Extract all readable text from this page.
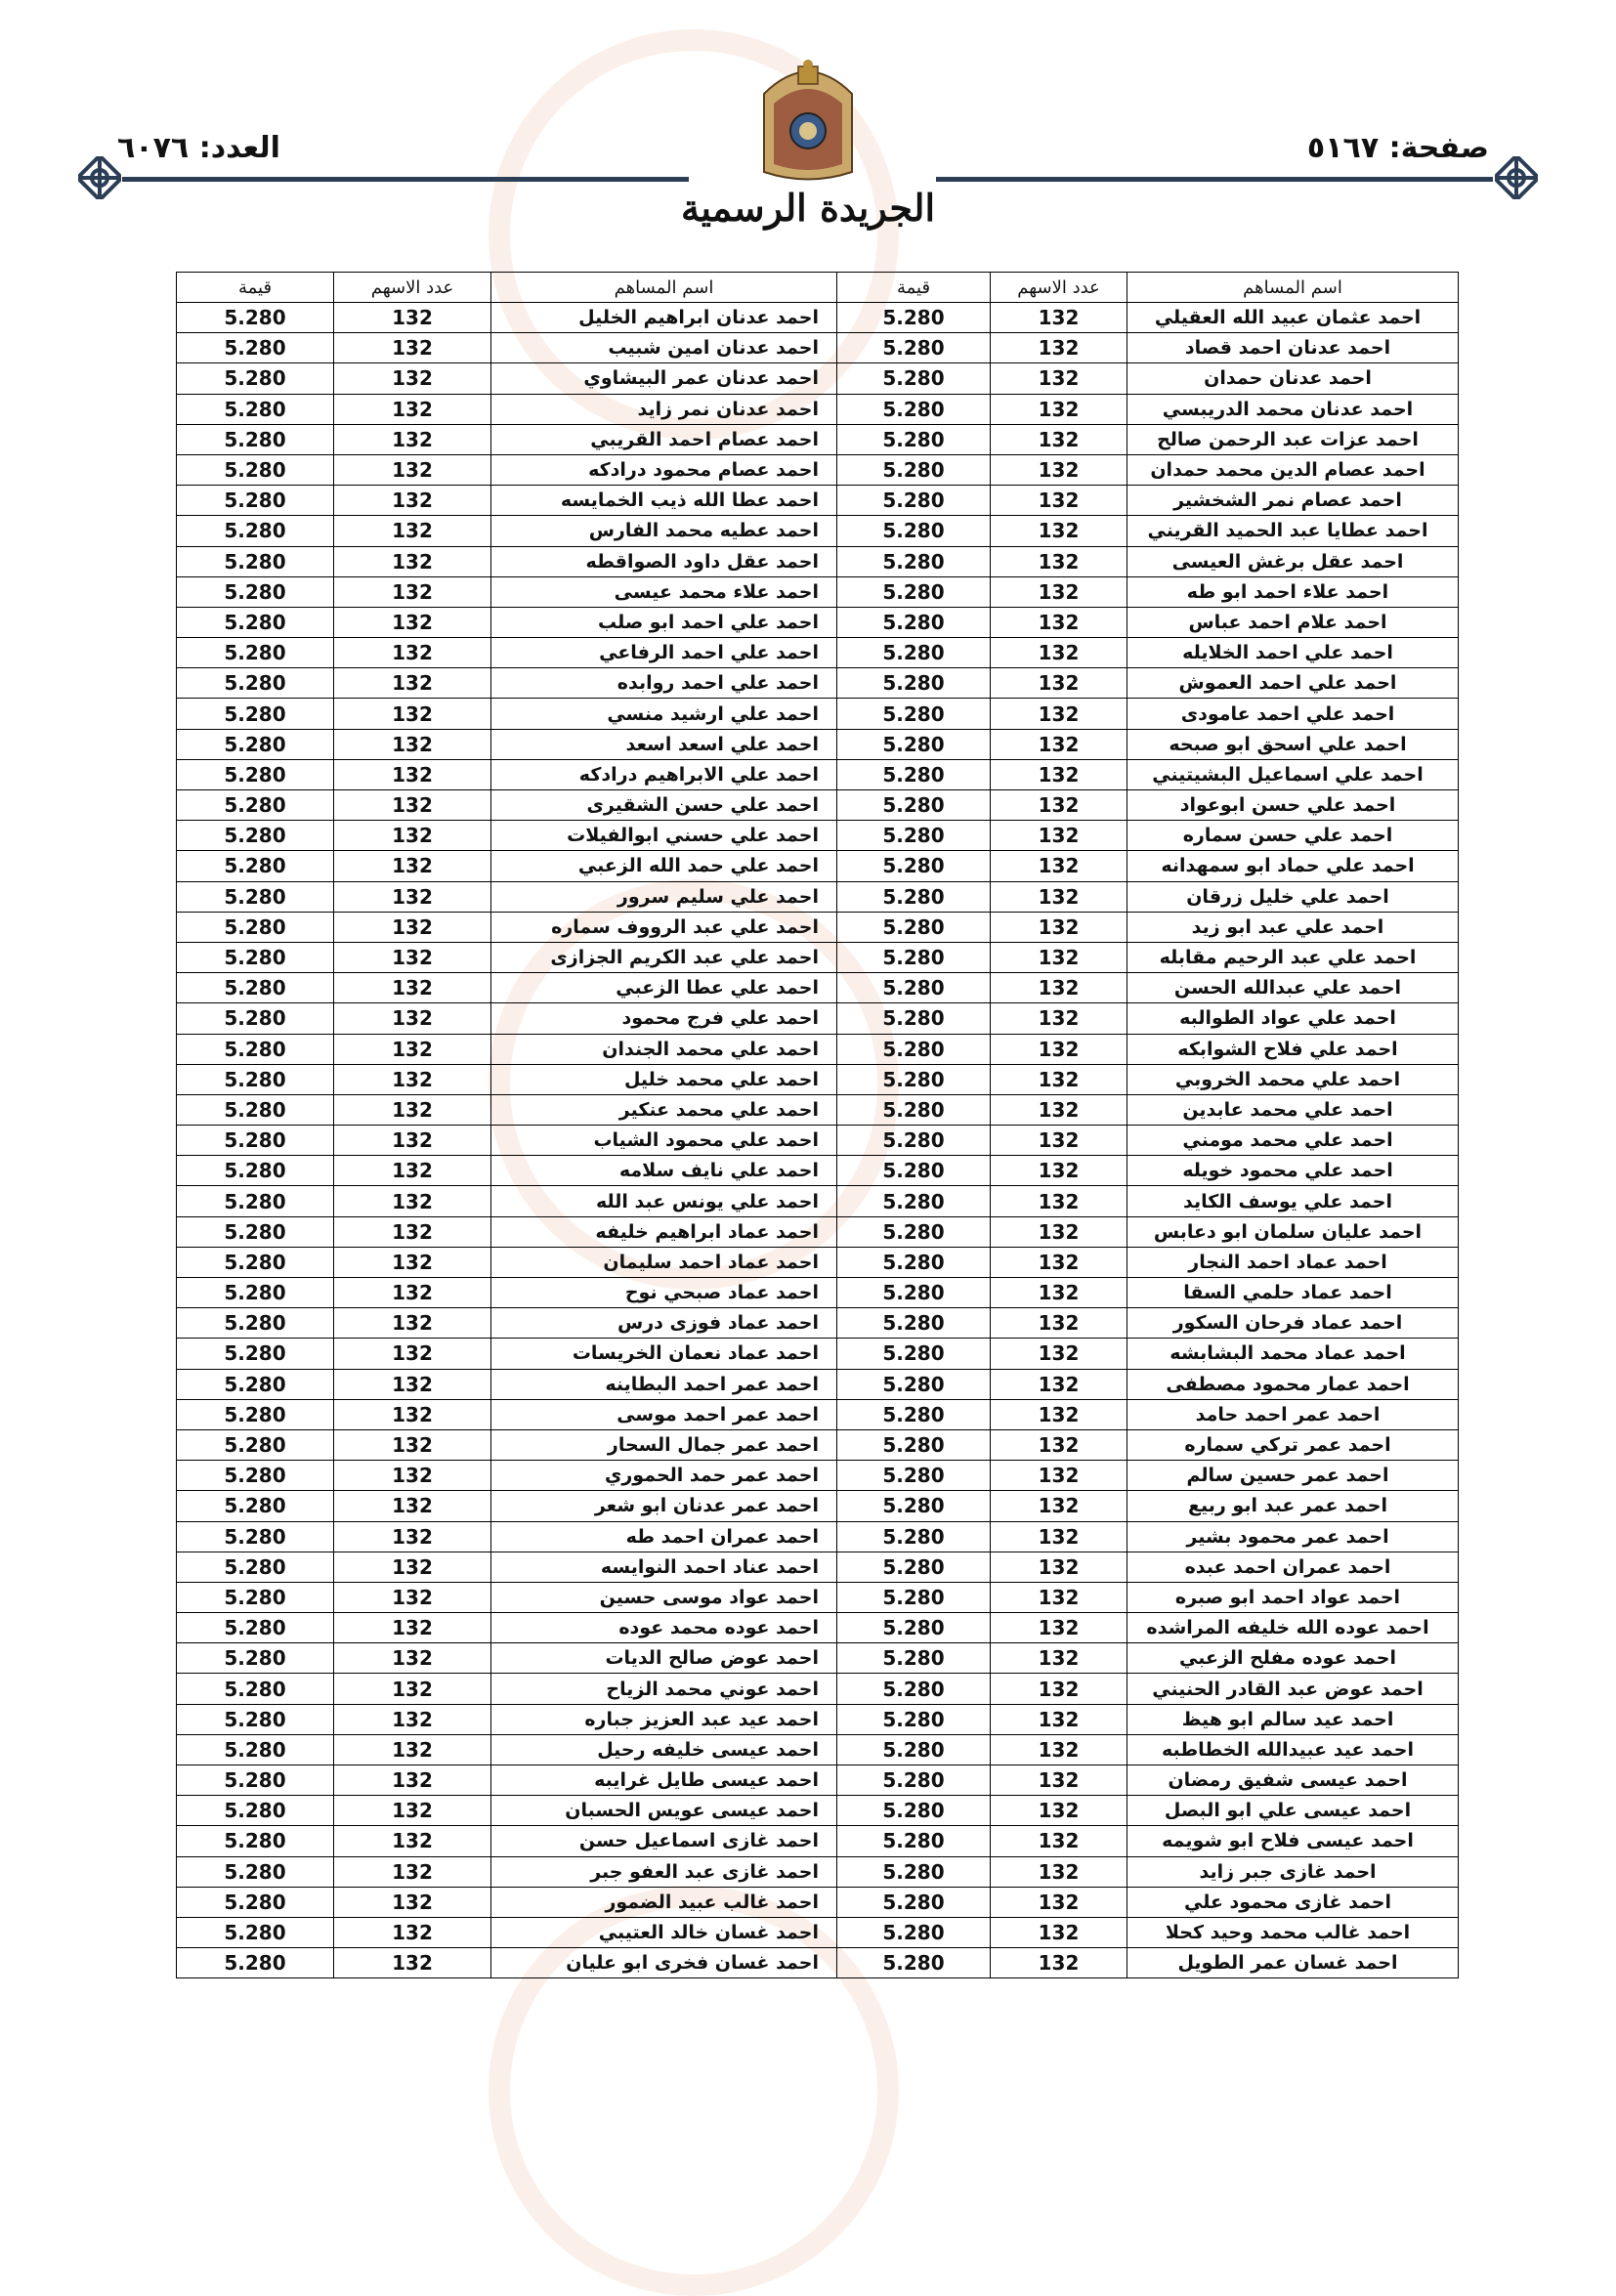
صفحة: ٥١٦٧
العدد: ٦٠٧٦
الجريدة الرسمية
اسم المساهم	عدد الاسهم	قيمة	اسم المساهم	عدد الاسهم	قيمة
احمد عثمان عبيد الله العقيلي	132	5.280	احمد عدنان ابراهيم الخليل	132	5.280
احمد عدنان احمد قصاد	132	5.280	احمد عدنان امين شبيب	132	5.280
احمد عدنان حمدان	132	5.280	احمد عدنان عمر البيشاوي	132	5.280
احمد عدنان محمد الدريبسي	132	5.280	احمد عدنان نمر زايد	132	5.280
احمد عزات عبد الرحمن صالح	132	5.280	احمد عصام احمد القريبي	132	5.280
احمد عصام الدين محمد حمدان	132	5.280	احمد عصام محمود درادكه	132	5.280
احمد عصام نمر الشخشير	132	5.280	احمد عطا الله ذيب الخمايسه	132	5.280
احمد عطايا عبد الحميد القريني	132	5.280	احمد عطيه محمد الفارس	132	5.280
احمد عقل برغش العيسى	132	5.280	احمد عقل داود الصواقطه	132	5.280
احمد علاء احمد ابو طه	132	5.280	احمد علاء محمد عيسى	132	5.280
احمد علام احمد عباس	132	5.280	احمد علي احمد ابو صلب	132	5.280
احمد علي احمد الخلايله	132	5.280	احمد علي احمد الرفاعي	132	5.280
احمد علي احمد العموش	132	5.280	احمد علي احمد روابده	132	5.280
احمد علي احمد عامودى	132	5.280	احمد علي ارشيد منسي	132	5.280
احمد علي اسحق ابو صبحه	132	5.280	احمد علي اسعد اسعد	132	5.280
احمد علي اسماعيل البشيتيني	132	5.280	احمد علي الابراهيم درادكه	132	5.280
احمد علي حسن ابوعواد	132	5.280	احمد علي حسن الشقيرى	132	5.280
احمد علي حسن سماره	132	5.280	احمد علي حسني ابوالفيلات	132	5.280
احمد علي حماد ابو سمهدانه	132	5.280	احمد علي حمد الله الزعبي	132	5.280
احمد علي خليل زرقان	132	5.280	احمد علي سليم سرور	132	5.280
احمد علي عبد ابو زيد	132	5.280	احمد علي عبد الرووف سماره	132	5.280
احمد علي عبد الرحيم مقابله	132	5.280	احمد علي عبد الكريم الجزازى	132	5.280
احمد علي عبدالله الحسن	132	5.280	احمد علي عطا الزعبي	132	5.280
احمد علي عواد الطوالبه	132	5.280	احمد علي فرج محمود	132	5.280
احمد علي فلاح الشوابكه	132	5.280	احمد علي محمد الجندان	132	5.280
احمد علي محمد الخروبي	132	5.280	احمد علي محمد خليل	132	5.280
احمد علي محمد عابدين	132	5.280	احمد علي محمد عنكير	132	5.280
احمد علي محمد مومني	132	5.280	احمد علي محمود الشياب	132	5.280
احمد علي محمود خويله	132	5.280	احمد علي نايف سلامه	132	5.280
احمد علي يوسف الكايد	132	5.280	احمد علي يونس عبد الله	132	5.280
احمد عليان سلمان ابو دعابس	132	5.280	احمد عماد ابراهيم خليفه	132	5.280
احمد عماد احمد النجار	132	5.280	احمد عماد احمد سليمان	132	5.280
احمد عماد حلمي السقا	132	5.280	احمد عماد صبحي نوح	132	5.280
احمد عماد فرحان السكور	132	5.280	احمد عماد فوزى درس	132	5.280
احمد عماد محمد البشابشه	132	5.280	احمد عماد نعمان الخريسات	132	5.280
احمد عمار محمود مصطفى	132	5.280	احمد عمر احمد البطاينه	132	5.280
احمد عمر احمد حامد	132	5.280	احمد عمر احمد موسى	132	5.280
احمد عمر تركي سماره	132	5.280	احمد عمر جمال السحار	132	5.280
احمد عمر حسين سالم	132	5.280	احمد عمر حمد الحموري	132	5.280
احمد عمر عبد ابو ربيع	132	5.280	احمد عمر عدنان ابو شعر	132	5.280
احمد عمر محمود بشير	132	5.280	احمد عمران احمد طه	132	5.280
احمد عمران احمد عبده	132	5.280	احمد عناد احمد النوايسه	132	5.280
احمد عواد احمد ابو صبره	132	5.280	احمد عواد موسى حسين	132	5.280
احمد عوده الله خليفه المراشده	132	5.280	احمد عوده محمد عوده	132	5.280
احمد عوده مفلح الزعبي	132	5.280	احمد عوض صالح الديات	132	5.280
احمد عوض عبد القادر الحنيني	132	5.280	احمد عوني محمد الزياح	132	5.280
احمد عيد سالم ابو هيظ	132	5.280	احمد عيد عبد العزيز جباره	132	5.280
احمد عيد عبيدالله الخطاطبه	132	5.280	احمد عيسى خليفه رحيل	132	5.280
احمد عيسى شفيق رمضان	132	5.280	احمد عيسى طايل غرايبه	132	5.280
احمد عيسى علي ابو البصل	132	5.280	احمد عيسى عويس الحسبان	132	5.280
احمد عيسى فلاح ابو شويمه	132	5.280	احمد غازى اسماعيل حسن	132	5.280
احمد غازى جبر زايد	132	5.280	احمد غازى عبد العفو جبر	132	5.280
احمد غازى محمود علي	132	5.280	احمد غالب عبيد الضمور	132	5.280
احمد غالب محمد وحيد كحلا	132	5.280	احمد غسان خالد العتيبي	132	5.280
احمد غسان عمر الطويل	132	5.280	احمد غسان فخرى ابو عليان	132	5.280
